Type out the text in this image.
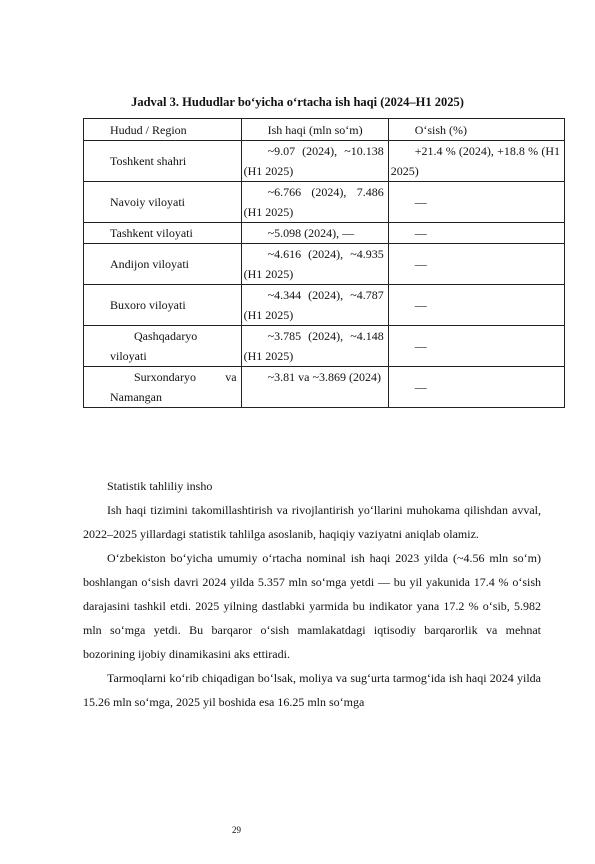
Jadval 3. Hududlar bo‘yicha o‘rtacha ish haqi (2024–H1 2025)
Hudud / Region	Ish haqi (mln so‘m)	O‘sish (%)
Toshkent shahri	~9.07 (2024), ~10.138 (H1 2025)	+21.4 % (2024), +18.8 % (H1 2025)
Navoiy viloyati	~6.766 (2024), 7.486 (H1 2025)	—
Tashkent viloyati	~5.098 (2024), —	—
Andijon viloyati	~4.616 (2024), ~4.935 (H1 2025)	—
Buxoro viloyati	~4.344 (2024), ~4.787 (H1 2025)	—
Qashqadaryo viloyati	~3.785 (2024), ~4.148 (H1 2025)	—
Surxondaryo va Namangan	~3.81 va ~3.869 (2024)	—

Statistik tahliliy insho

Ish haqi tizimini takomillashtirish va rivojlantirish yo‘llarini muhokama qilishdan avval, 2022–2025 yillardagi statistik tahlilga asoslanib, haqiqiy vaziyatni aniqlab olamiz.

O‘zbekiston bo‘yicha umumiy o‘rtacha nominal ish haqi 2023 yilda (~4.56 mln so‘m) boshlangan o‘sish davri 2024 yilda 5.357 mln so‘mga yetdi — bu yil yakunida 17.4 % o‘sish darajasini tashkil etdi. 2025 yilning dastlabki yarmida bu indikator yana 17.2 % o‘sib, 5.982 mln so‘mga yetdi. Bu barqaror o‘sish mamlakatdagi iqtisodiy barqarorlik va mehnat bozorining ijobiy dinamikasini aks ettiradi.

Tarmoqlarni ko‘rib chiqadigan bo‘lsak, moliya va sug‘urta tarmog‘ida ish haqi 2024 yilda 15.26 mln so‘mga, 2025 yil boshida esa 16.25 mln so‘mga

29
